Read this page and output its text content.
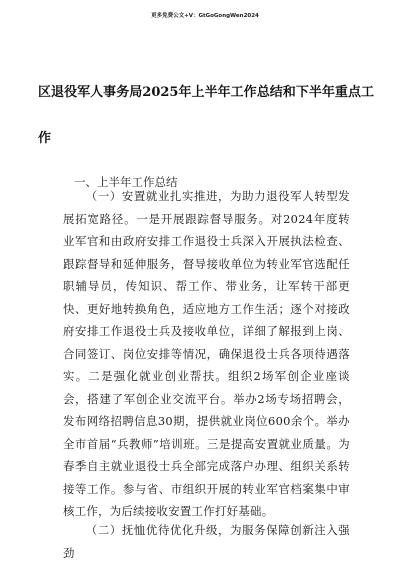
更多免费公文+V：GtGoGongWen2024
区退役军人事务局2025年上半年工作总结和下半年重点工作
一、上半年工作总结

（一）安置就业扎实推进，为助力退役军人转型发展拓宽路径。一是开展跟踪督导服务。对2024年度转业军官和由政府安排工作退役士兵深入开展执法检查、跟踪督导和延伸服务，督导接收单位为转业军官选配任职辅导员，传知识、帮工作、带业务，让军转干部更快、更好地转换角色，适应地方工作生活；逐个对接政府安排工作退役士兵及接收单位，详细了解报到上岗、合同签订、岗位安排等情况，确保退役士兵各项待遇落实。二是强化就业创业帮扶。组织2场军创企业座谈会，搭建了军创企业交流平台。举办2场专场招聘会，发布网络招聘信息30期，提供就业岗位600余个。举办全市首届“兵教师”培训班。三是提高安置就业质量。为春季自主就业退役士兵全部完成落户办理、组织关系转接等工作。参与省、市组织开展的转业军官档案集中审核工作，为后续接收安置工作打好基础。

（二）抚恤优待优化升级，为服务保障创新注入强劲
